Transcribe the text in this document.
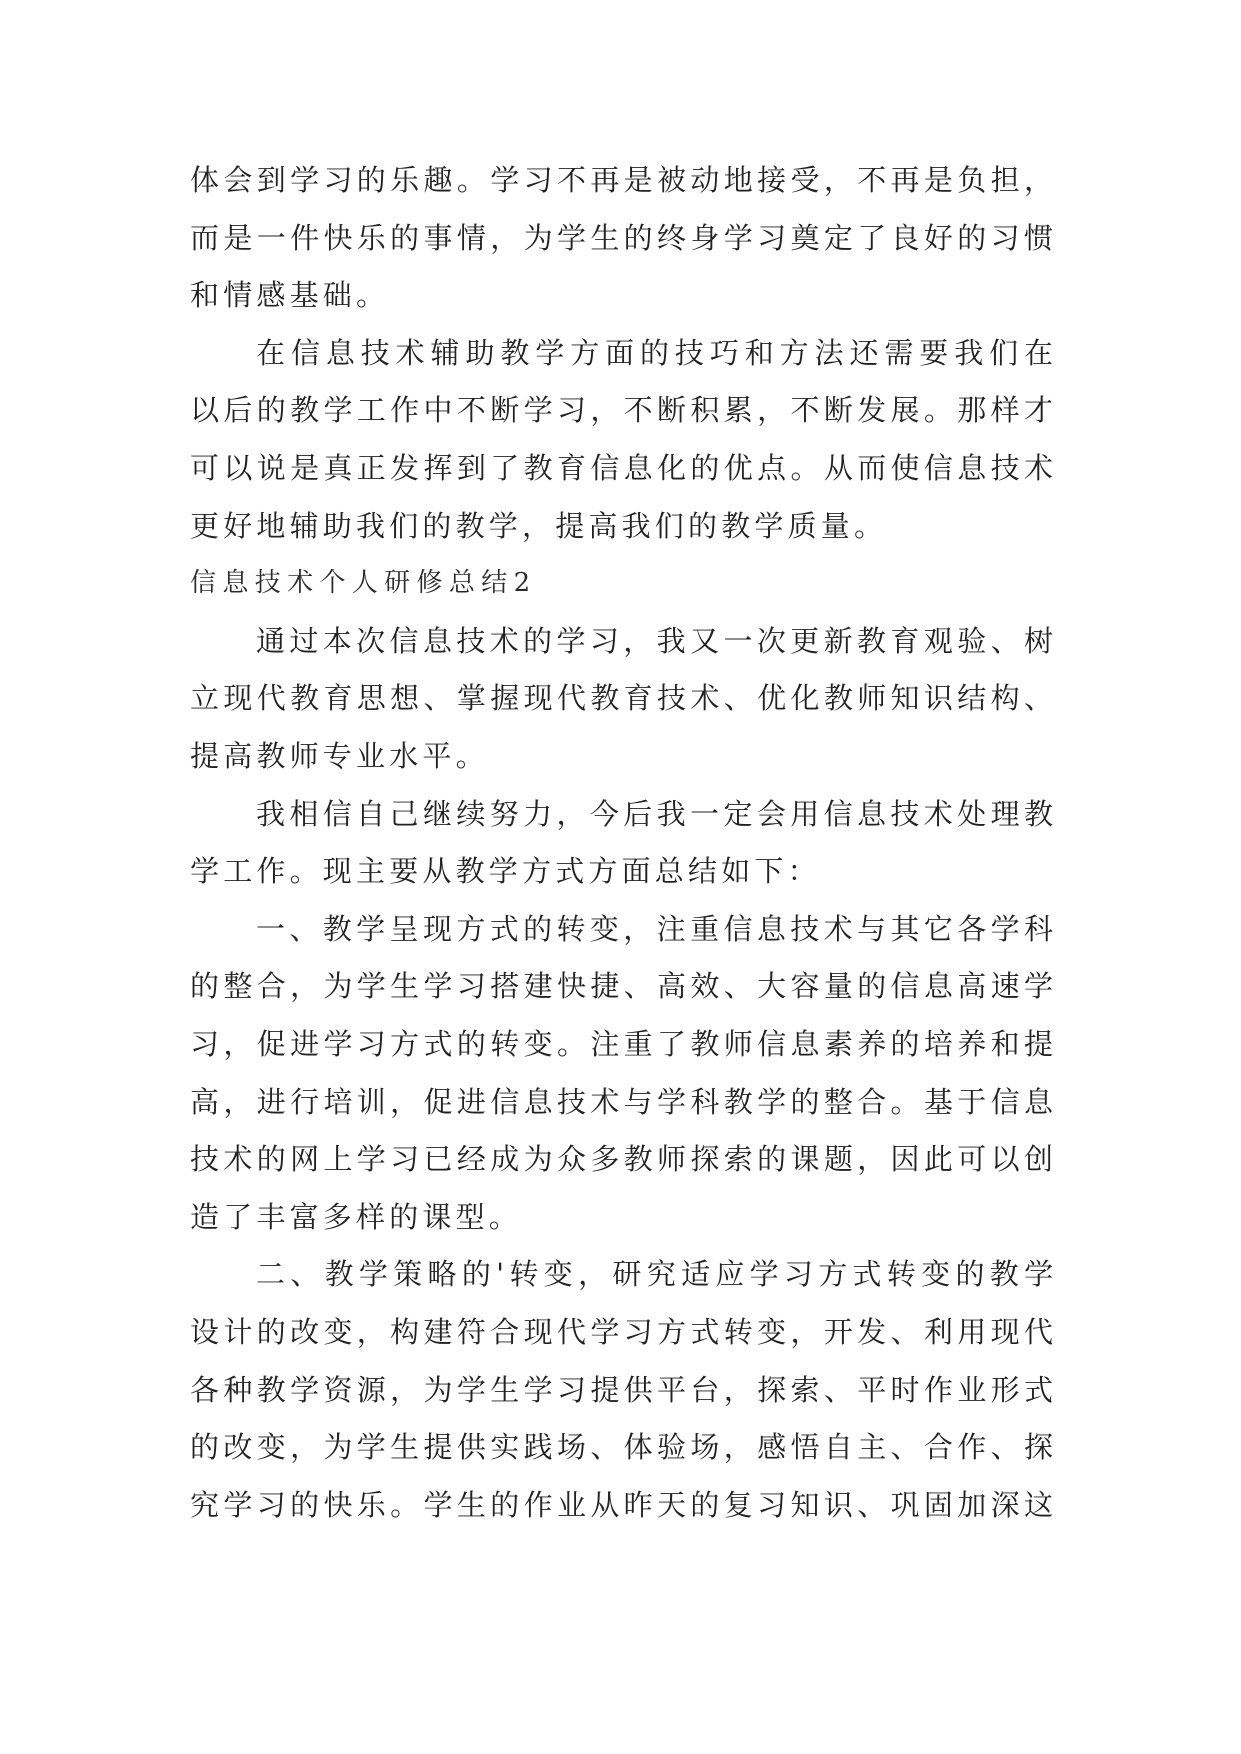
体会到学习的乐趣。学习不再是被动地接受，不再是负担，
而是一件快乐的事情，为学生的终身学习奠定了良好的习惯
和情感基础。
在信息技术辅助教学方面的技巧和方法还需要我们在
以后的教学工作中不断学习，不断积累，不断发展。那样才
可以说是真正发挥到了教育信息化的优点。从而使信息技术
更好地辅助我们的教学，提高我们的教学质量。
信息技术个人研修总结2
通过本次信息技术的学习，我又一次更新教育观验、树
立现代教育思想、掌握现代教育技术、优化教师知识结构、
提高教师专业水平。
我相信自己继续努力，今后我一定会用信息技术处理教
学工作。现主要从教学方式方面总结如下：
一、教学呈现方式的转变，注重信息技术与其它各学科
的整合，为学生学习搭建快捷、高效、大容量的信息高速学
习，促进学习方式的转变。注重了教师信息素养的培养和提
高，进行培训，促进信息技术与学科教学的整合。基于信息
技术的网上学习已经成为众多教师探索的课题，因此可以创
造了丰富多样的课型。
二、教学策略的'转变，研究适应学习方式转变的教学
设计的改变，构建符合现代学习方式转变，开发、利用现代
各种教学资源，为学生学习提供平台，探索、平时作业形式
的改变，为学生提供实践场、体验场，感悟自主、合作、探
究学习的快乐。学生的作业从昨天的复习知识、巩固加深这
